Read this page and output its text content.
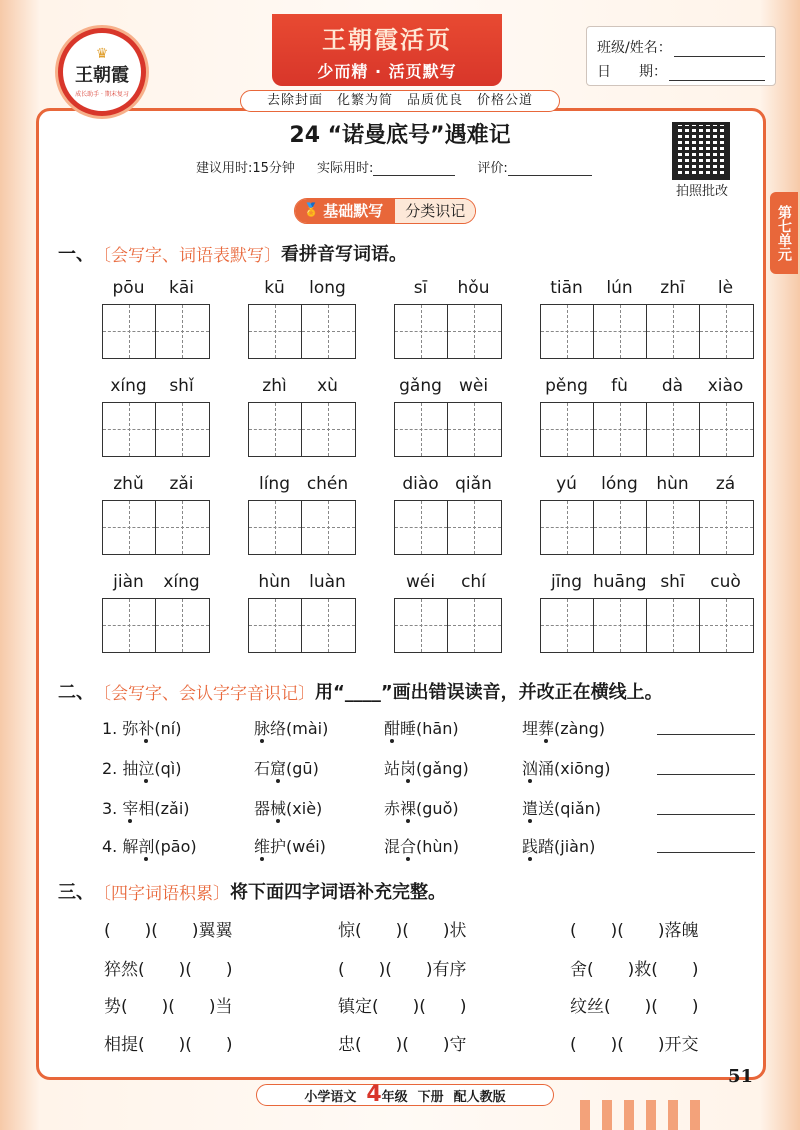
♛
王朝霞
成长助手 · 期末复习
王朝霞活页
少而精 · 活页默写
班级/姓名：
日　　期：
去除封面　化繁为简　品质优良　价格公道
第七单元
24 “诺曼底号”遇难记
建议用时:15分钟 实际用时:	评价:
拍照批改
🏅 基础默写	分类识记
一、 〔会写字、词语表默写〕 看拼音写词语。
pōu	kāi	kū	long	sī	hǒu	tiān	lún	zhī	lè
xíng	shǐ	zhì	xù	gǎng	wèi	pěng	fù	dà	xiào
zhǔ	zǎi	líng chén	diào qiǎn	yú	lóng	hùn	zá
jiàn	xíng	hùn	luàn	wéi	chí	jīng huāng shī	cuò
二、 〔会写字、会认字字音识记〕 用“____”画出错误读音，并改正在横线上。
1. 弥补(ní)	脉络(mài)	酣睡(hān)	埋葬(zàng)
2. 抽泣(qì)	石窟(gū)	站岗(gǎng)	汹涌(xiōng)
3. 宰相(zǎi)	器械(xiè)	赤裸(guǒ)	遣送(qiǎn)
4. 解剖(pāo)	维护(wéi)	混合(hùn)	践踏(jiàn)
三、 〔四字词语积累〕 将下面四字词语补充完整。
(　　)(　　)翼翼	惊(　　)(　　)状	(　　)(　　)落魄
猝然(　　)(　　)	(　　)(　　)有序	舍(　　)救(　　)
势(　　)(　　)当	镇定(　　)(　　)	纹丝(　　)(　　)
相提(　　)(　　)	忠(　　)(　　)守	(　　)(　　)开交
51
小学语文 4年级 下册 配人教版
